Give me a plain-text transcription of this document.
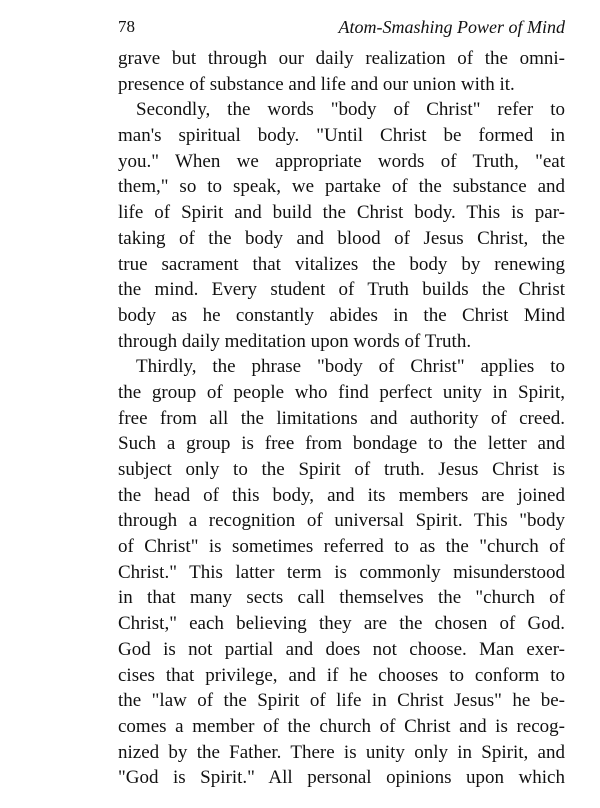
78	Atom-Smashing Power of Mind
grave but through our daily realization of the omni-
presence of substance and life and our union with it.
Secondly, the words "body of Christ" refer to
man's spiritual body. "Until Christ be formed in
you." When we appropriate words of Truth, "eat
them," so to speak, we partake of the substance and
life of Spirit and build the Christ body. This is par-
taking of the body and blood of Jesus Christ, the
true sacrament that vitalizes the body by renewing
the mind. Every student of Truth builds the Christ
body as he constantly abides in the Christ Mind
through daily meditation upon words of Truth.
Thirdly, the phrase "body of Christ" applies to
the group of people who find perfect unity in Spirit,
free from all the limitations and authority of creed.
Such a group is free from bondage to the letter and
subject only to the Spirit of truth. Jesus Christ is
the head of this body, and its members are joined
through a recognition of universal Spirit. This "body
of Christ" is sometimes referred to as the "church of
Christ." This latter term is commonly misunderstood
in that many sects call themselves the "church of
Christ," each believing they are the chosen of God.
God is not partial and does not choose. Man exer-
cises that privilege, and if he chooses to conform to
the "law of the Spirit of life in Christ Jesus" he be-
comes a member of the church of Christ and is recog-
nized by the Father. There is unity only in Spirit, and
"God is Spirit." All personal opinions upon which
